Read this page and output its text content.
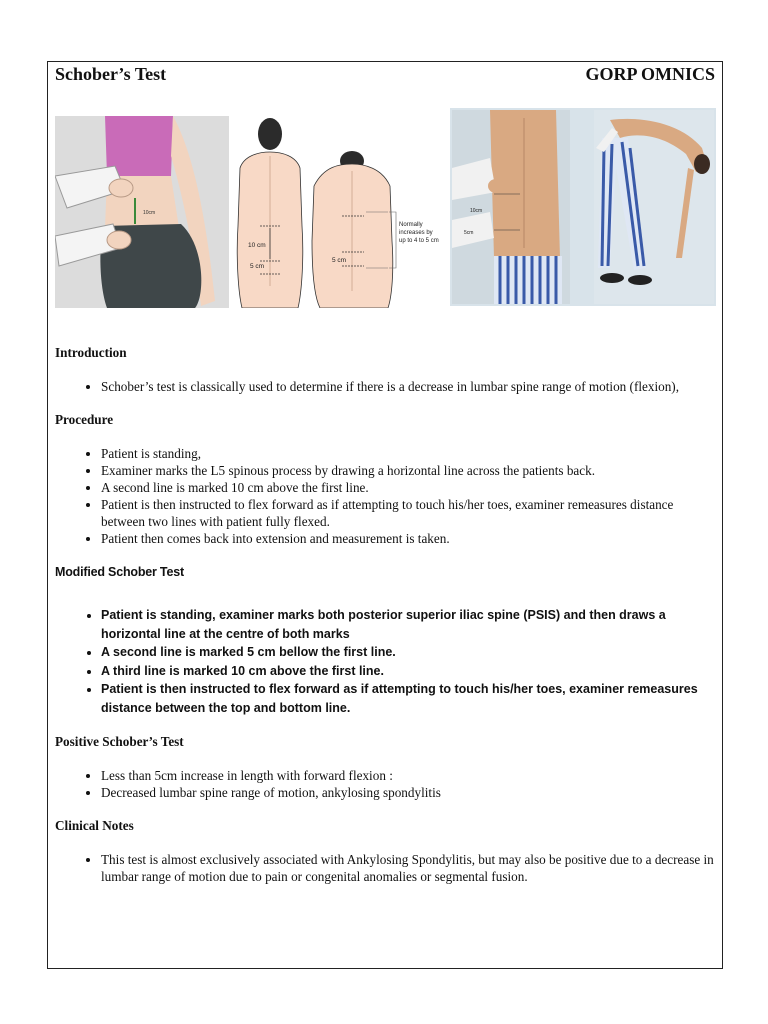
Schober’s Test	GORP OMNICS
10cm
10 cm
5 cm
5 cm
Normally
increases by
up to 4 to 5 cm
10cm
5cm
Introduction
• Schober’s test is classically used to determine if there is a decrease in lumbar spine range of motion (flexion),
Procedure
• Patient is standing,
• Examiner marks the L5 spinous process by drawing a horizontal line across the patients back.
• A second line is marked 10 cm above the first line.
• Patient is then instructed to flex forward as if attempting to touch his/her toes, examiner remeasures distance between two lines with patient fully flexed.
• Patient then comes back into extension and measurement is taken.
Modified Schober Test
• Patient is standing, examiner marks both posterior superior iliac spine (PSIS) and then draws a horizontal line at the centre of both marks
• A second line is marked 5 cm bellow the first line.
• A third line is marked 10 cm above the first line.
• Patient is then instructed to flex forward as if attempting to touch his/her toes, examiner remeasures distance between the top and bottom line.
Positive Schober’s Test
• Less than 5cm increase in length with forward flexion :
• Decreased lumbar spine range of motion, ankylosing spondylitis
Clinical Notes
• This test is almost exclusively associated with Ankylosing Spondylitis, but may also be positive due to a decrease in lumbar range of motion due to pain or congenital anomalies or segmental fusion.
